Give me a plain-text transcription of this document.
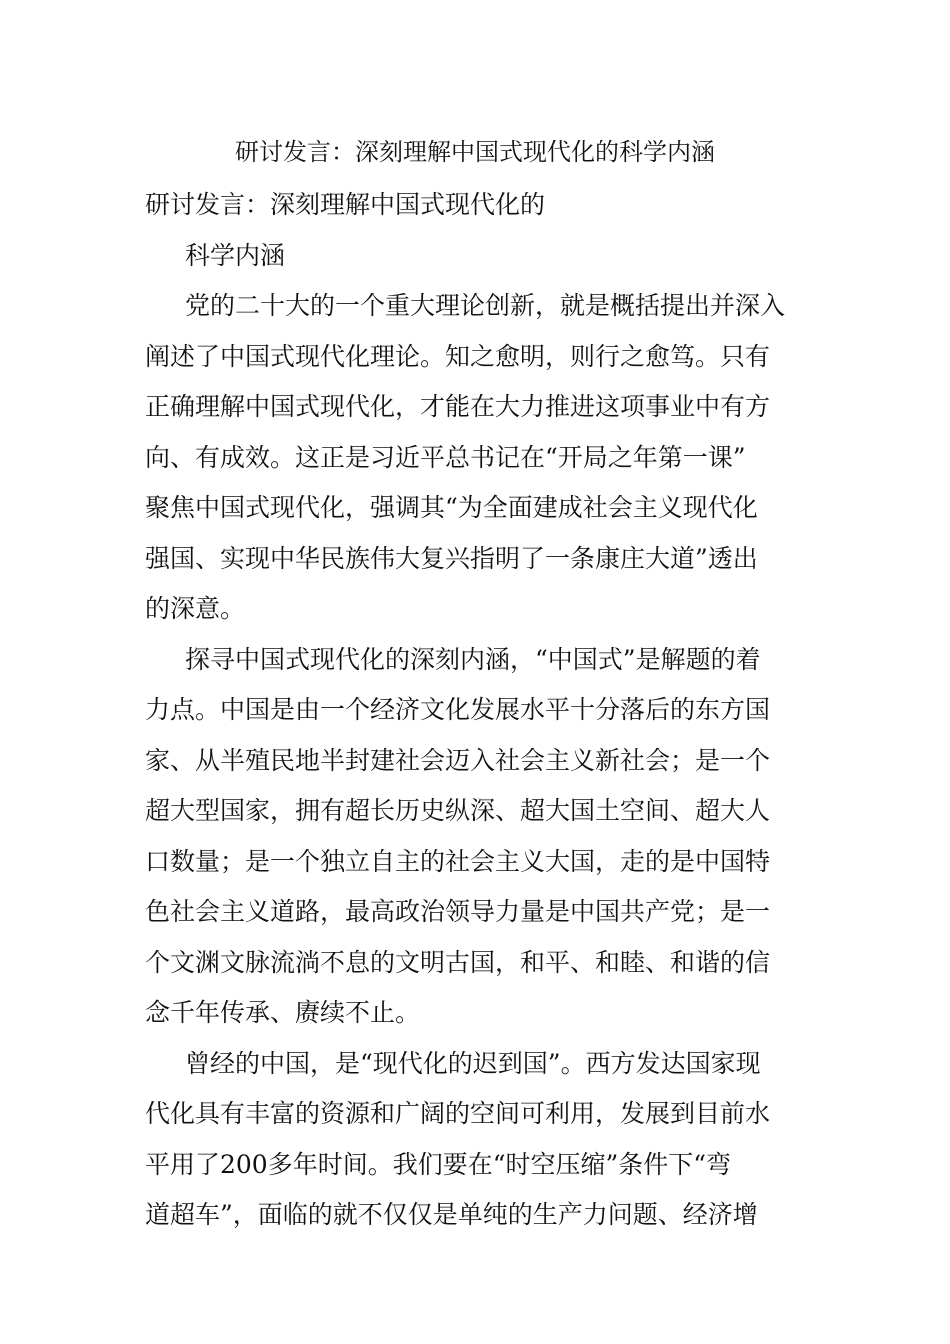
研讨发言：深刻理解中国式现代化的科学内涵
研讨发言：深刻理解中国式现代化的
科学内涵
党的二十大的一个重大理论创新，就是概括提出并深入
阐述了中国式现代化理论。知之愈明，则行之愈笃。只有
正确理解中国式现代化，才能在大力推进这项事业中有方
向、有成效。这正是习近平总书记在“开局之年第一课”
聚焦中国式现代化，强调其“为全面建成社会主义现代化
强国、实现中华民族伟大复兴指明了一条康庄大道”透出
的深意。
探寻中国式现代化的深刻内涵，“中国式”是解题的着
力点。中国是由一个经济文化发展水平十分落后的东方国
家、从半殖民地半封建社会迈入社会主义新社会；是一个
超大型国家，拥有超长历史纵深、超大国土空间、超大人
口数量；是一个独立自主的社会主义大国，走的是中国特
色社会主义道路，最高政治领导力量是中国共产党；是一
个文渊文脉流淌不息的文明古国，和平、和睦、和谐的信
念千年传承、赓续不止。
曾经的中国，是“现代化的迟到国”。西方发达国家现
代化具有丰富的资源和广阔的空间可利用，发展到目前水
平用了200多年时间。我们要在“时空压缩”条件下“弯
道超车”，面临的就不仅仅是单纯的生产力问题、经济增
